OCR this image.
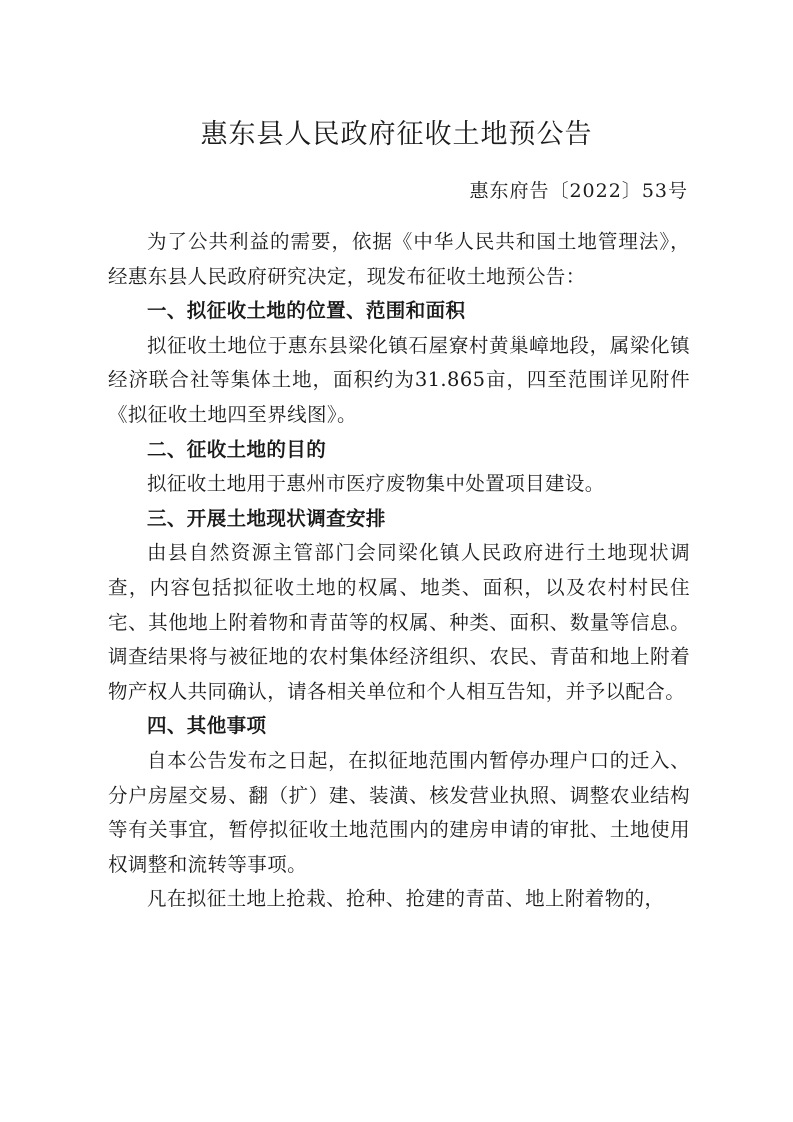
惠东县人民政府征收土地预公告

惠东府告〔2022〕53号

为了公共利益的需要，依据《中华人民共和国土地管理法》，经惠东县人民政府研究决定，现发布征收土地预公告：

一、拟征收土地的位置、范围和面积

拟征收土地位于惠东县梁化镇石屋寮村黄巢嶂地段，属梁化镇经济联合社等集体土地，面积约为31.865亩，四至范围详见附件《拟征收土地四至界线图》。

二、征收土地的目的

拟征收土地用于惠州市医疗废物集中处置项目建设。

三、开展土地现状调查安排

由县自然资源主管部门会同梁化镇人民政府进行土地现状调查，内容包括拟征收土地的权属、地类、面积，以及农村村民住宅、其他地上附着物和青苗等的权属、种类、面积、数量等信息。调查结果将与被征地的农村集体经济组织、农民、青苗和地上附着物产权人共同确认，请各相关单位和个人相互告知，并予以配合。

四、其他事项

自本公告发布之日起，在拟征地范围内暂停办理户口的迁入、分户房屋交易、翻（扩）建、装潢、核发营业执照、调整农业结构等有关事宜，暂停拟征收土地范围内的建房申请的审批、土地使用权调整和流转等事项。

凡在拟征土地上抢栽、抢种、抢建的青苗、地上附着物的，
